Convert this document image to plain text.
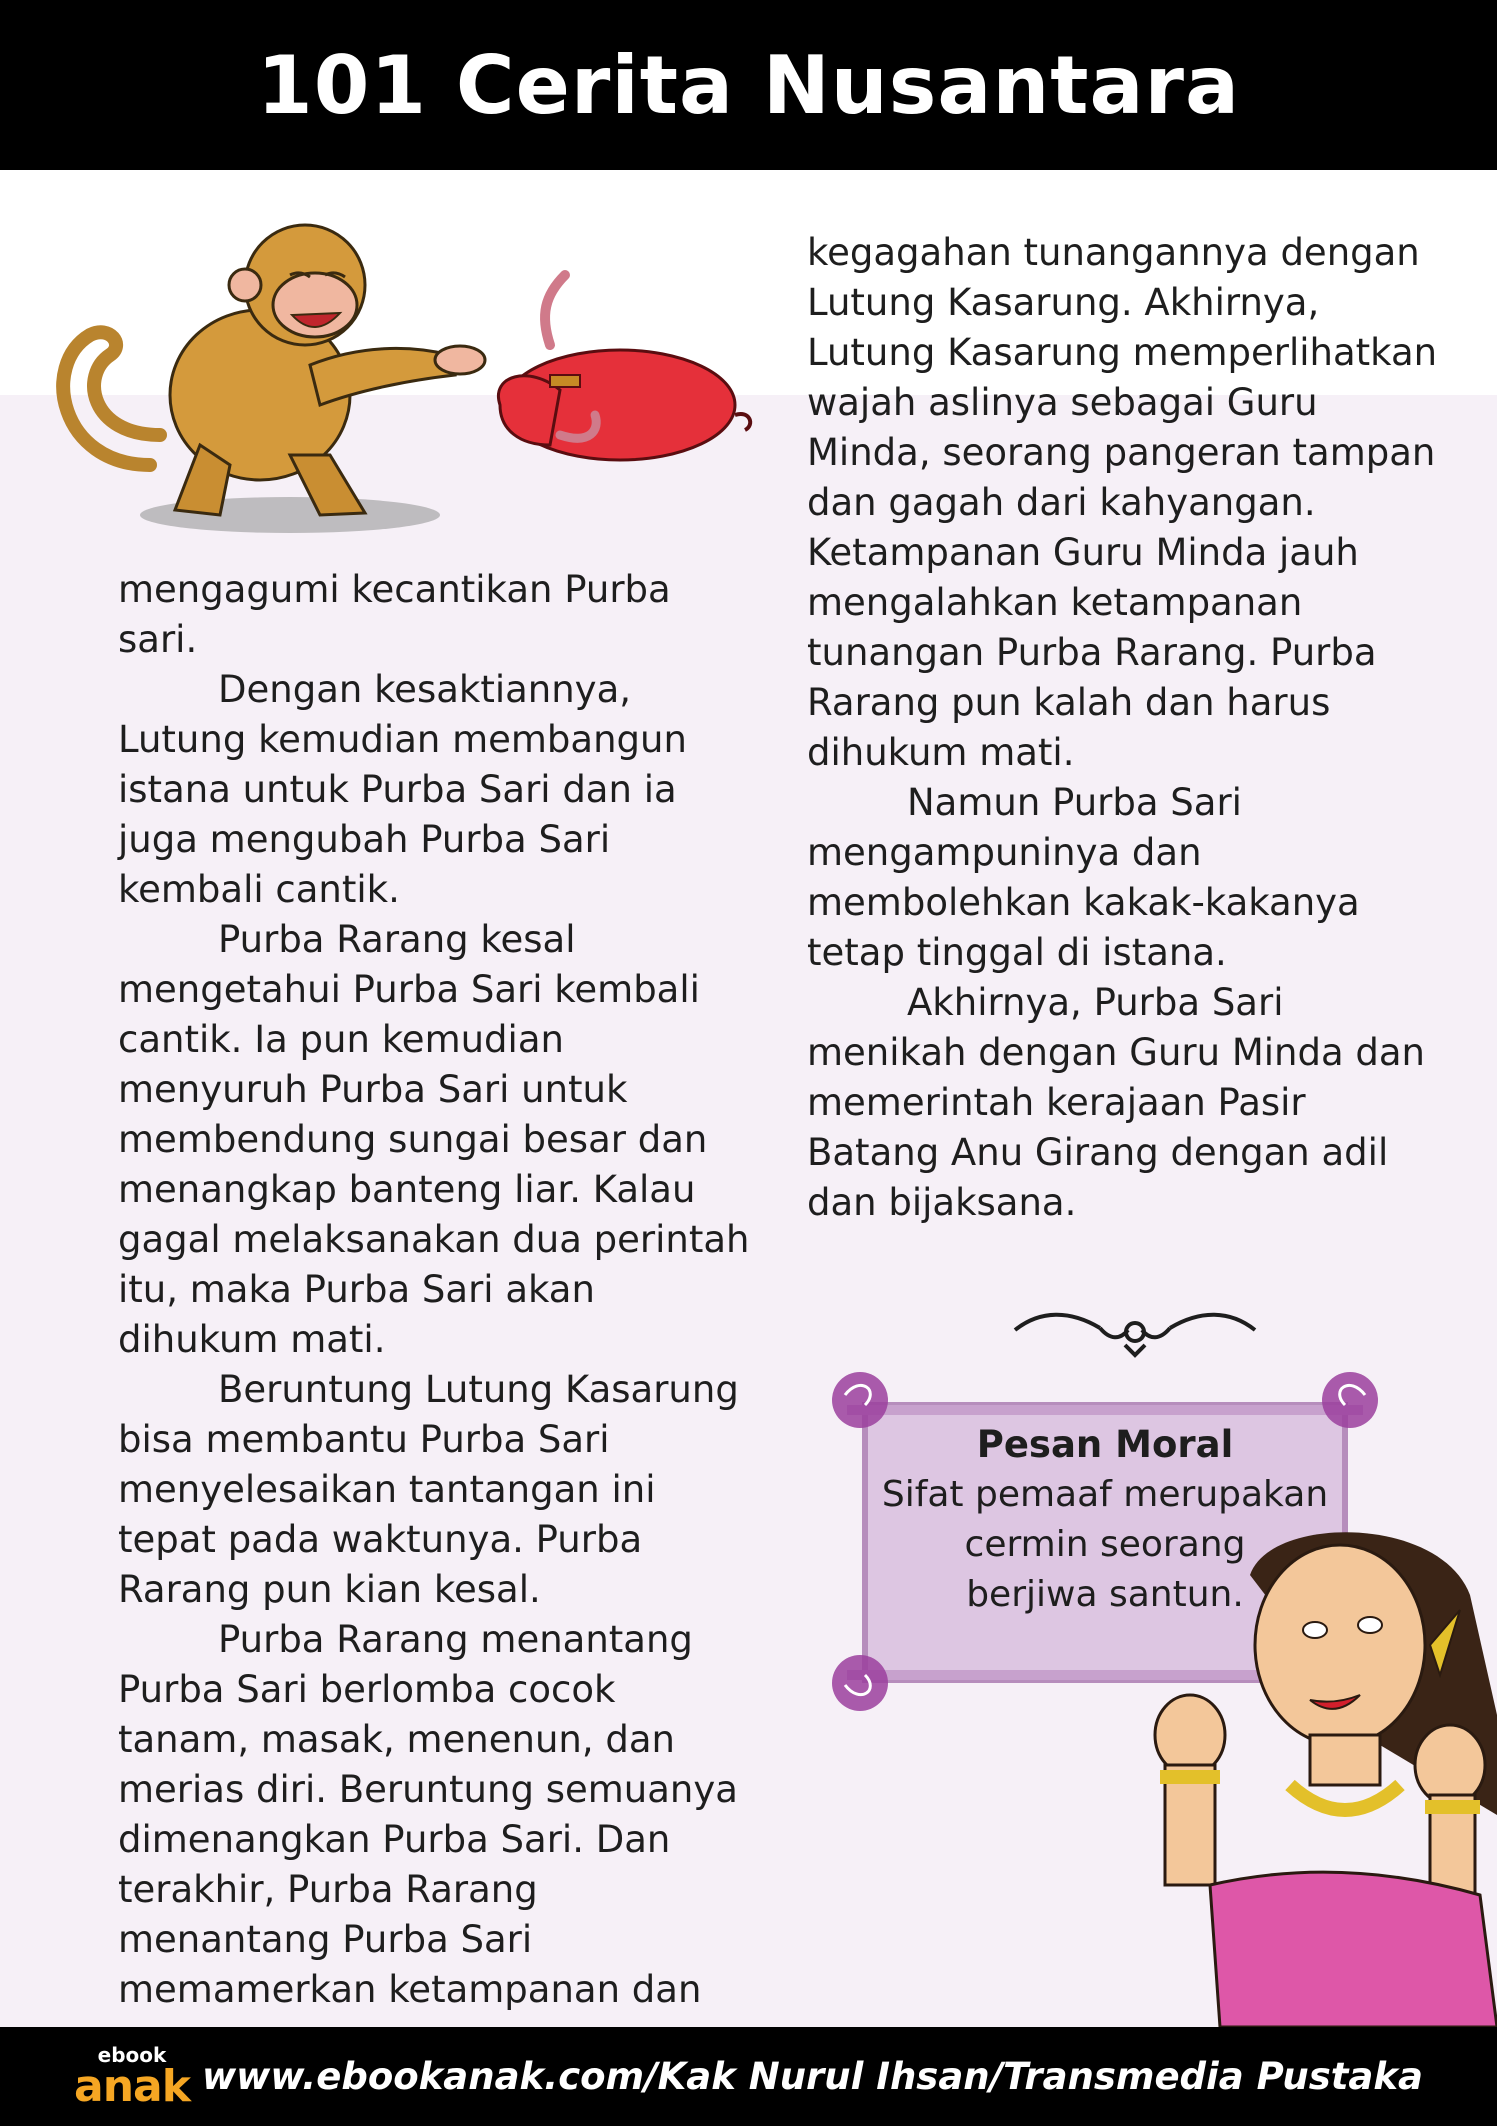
101 Cerita Nusantara

mengagumi kecantikan Purba sari.

Dengan kesaktiannya, Lutung kemudian membangun istana untuk Purba Sari dan ia juga mengubah Purba Sari kembali cantik.

Purba Rarang kesal mengetahui Purba Sari kembali cantik. Ia pun kemudian menyuruh Purba Sari untuk membendung sungai besar dan menangkap banteng liar. Kalau gagal melaksanakan dua perintah itu, maka Purba Sari akan dihukum mati.

Beruntung Lutung Kasarung bisa membantu Purba Sari menyelesaikan tantangan ini tepat pada waktunya. Purba Rarang pun kian kesal.

Purba Rarang menantang Purba Sari berlomba cocok tanam, masak, menenun, dan merias diri. Beruntung semuanya dimenangkan Purba Sari. Dan terakhir, Purba Rarang menantang Purba Sari memamerkan ketampanan dan

kegagahan tunangannya dengan Lutung Kasarung. Akhirnya, Lutung Kasarung memperlihatkan wajah aslinya sebagai Guru Minda, seorang pangeran tampan dan gagah dari kahyangan. Ketampanan Guru Minda jauh mengalahkan ketampanan tunangan Purba Rarang. Purba Rarang pun kalah dan harus dihukum mati.

Namun Purba Sari mengampuninya dan membolehkan kakak-kakanya tetap tinggal di istana.

Akhirnya, Purba Sari menikah dengan Guru Minda dan memerintah kerajaan Pasir Batang Anu Girang dengan adil dan bijaksana.

Pesan Moral
Sifat pemaaf merupakan
cermin seorang
berjiwa santun.
ebook
anak www.ebookanak.com/Kak Nurul Ihsan/Transmedia Pustaka
